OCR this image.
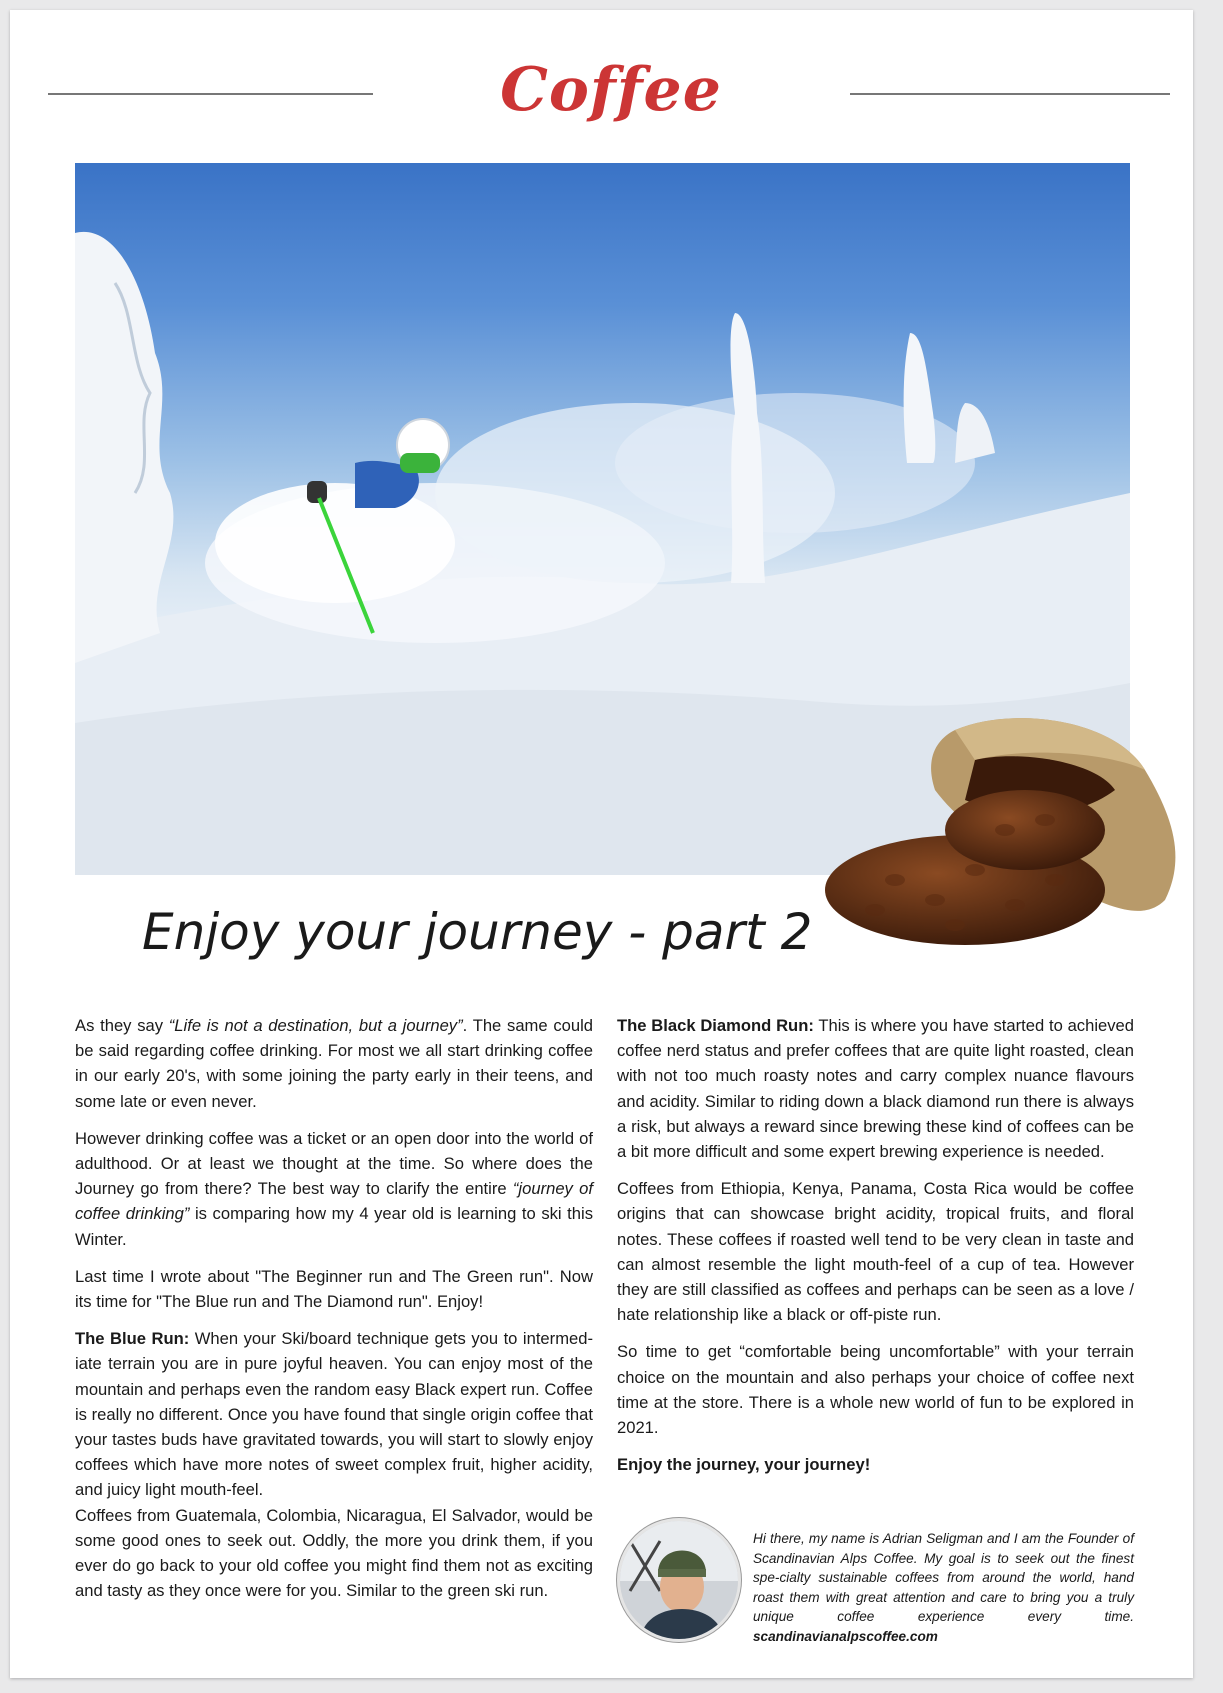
Coffee
Enjoy your journey - part 2

As they say “Life is not a destination, but a journey”. The same could be said regarding coffee drinking. For most we all start drinking coffee in our early 20's, with some joining the party early in their teens, and some late or even never.

However drinking coffee was a ticket or an open door into the world of adulthood. Or at least we thought at the time. So where does the Journey go from there? The best way to clarify the entire “journey of coffee drinking” is comparing how my 4 year old is learning to ski this Winter.

Last time I wrote about "The Beginner run and The Green run". Now its time for "The Blue run and The Diamond run". Enjoy!

The Blue Run: When your Ski/board technique gets you to intermed-iate terrain you are in pure joyful heaven. You can enjoy most of the mountain and perhaps even the random easy Black expert run. Coffee is really no different. Once you have found that single origin coffee that your tastes buds have gravitated towards, you will start to slowly enjoy coffees which have more notes of sweet complex fruit, higher acidity, and juicy light mouth-feel.

Coffees from Guatemala, Colombia, Nicaragua, El Salvador, would be some good ones to seek out. Oddly, the more you drink them, if you ever do go back to your old coffee you might find them not as exciting and tasty as they once were for you. Similar to the green ski run.

The Black Diamond Run: This is where you have started to achieved coffee nerd status and prefer coffees that are quite light roasted, clean with not too much roasty notes and carry complex nuance flavours and acidity. Similar to riding down a black diamond run there is always a risk, but always a reward since brewing these kind of coffees can be a bit more difficult and some expert brewing experience is needed.

Coffees from Ethiopia, Kenya, Panama, Costa Rica would be coffee origins that can showcase bright acidity, tropical fruits, and floral notes. These coffees if roasted well tend to be very clean in taste and can almost resemble the light mouth-feel of a cup of tea. However they are still classified as coffees and perhaps can be seen as a love / hate relationship like a black or off-piste run.

So time to get “comfortable being uncomfortable” with your terrain choice on the mountain and also perhaps your choice of coffee next time at the store. There is a whole new world of fun to be explored in 2021.

Enjoy the journey, your journey!

Hi there, my name is Adrian Seligman and I am the Founder of Scandinavian Alps Coffee. My goal is to seek out the finest spe-cialty sustainable coffees from around the world, hand roast them with great attention and care to bring you a truly unique coffee experience every time. scandinavianalpscoffee.com
